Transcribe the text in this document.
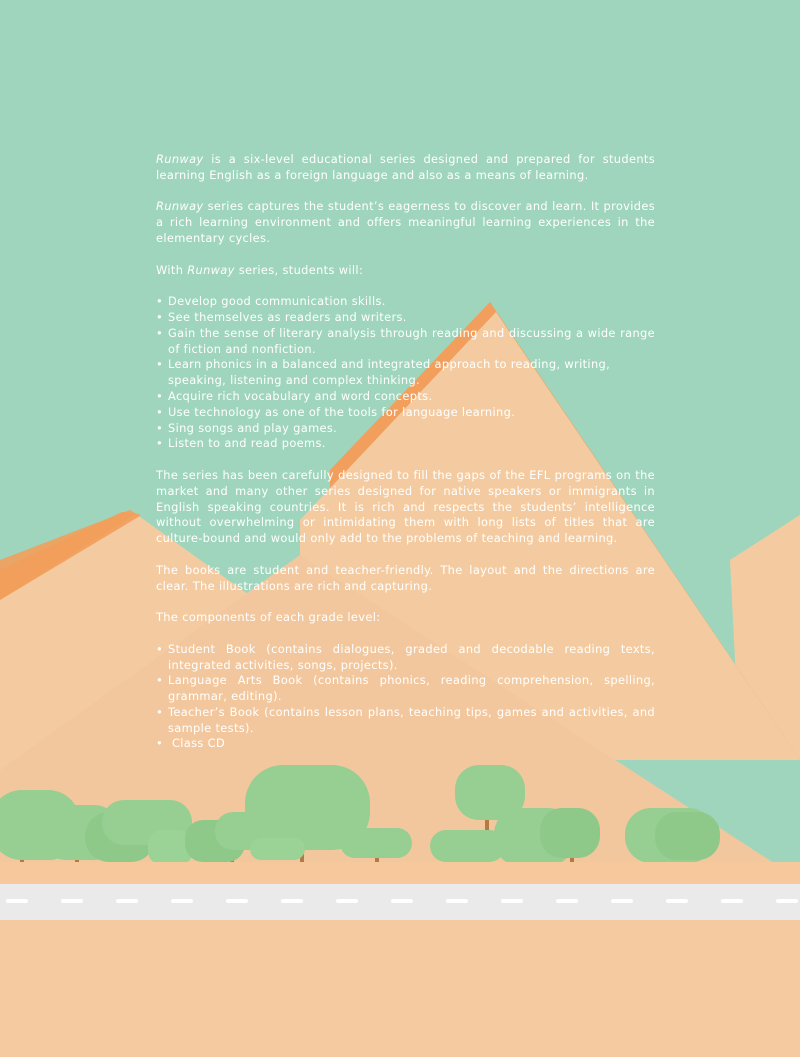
Runway is a six-level educational series designed and prepared for students learning English as a foreign language and also as a means of learning.

Runway series captures the student’s eagerness to discover and learn. It provides a rich learning environment and offers meaningful learning experiences in the elementary cycles.

With Runway series, students will:

• Develop good communication skills.
• See themselves as readers and writers.
• Gain the sense of literary analysis through reading and discussing a wide range of fiction and nonfiction.
• Learn phonics in a balanced and integrated approach to reading, writing, speaking, listening and complex thinking.
• Acquire rich vocabulary and word concepts.
• Use technology as one of the tools for language learning.
• Sing songs and play games.
• Listen to and read poems.

The series has been carefully designed to fill the gaps of the EFL programs on the market and many other series designed for native speakers or immigrants in English speaking countries. It is rich and respects the students’ intelligence without overwhelming or intimidating them with long lists of titles that are culture-bound and would only add to the problems of teaching and learning.

The books are student and teacher-friendly. The layout and the directions are clear. The illustrations are rich and capturing.

The components of each grade level:

• Student Book (contains dialogues, graded and decodable reading texts, integrated activities, songs, projects).
• Language Arts Book (contains phonics, reading comprehension, spelling, grammar, editing).
• Teacher’s Book (contains lesson plans, teaching tips, games and activities, and sample tests).
•  Class CD
